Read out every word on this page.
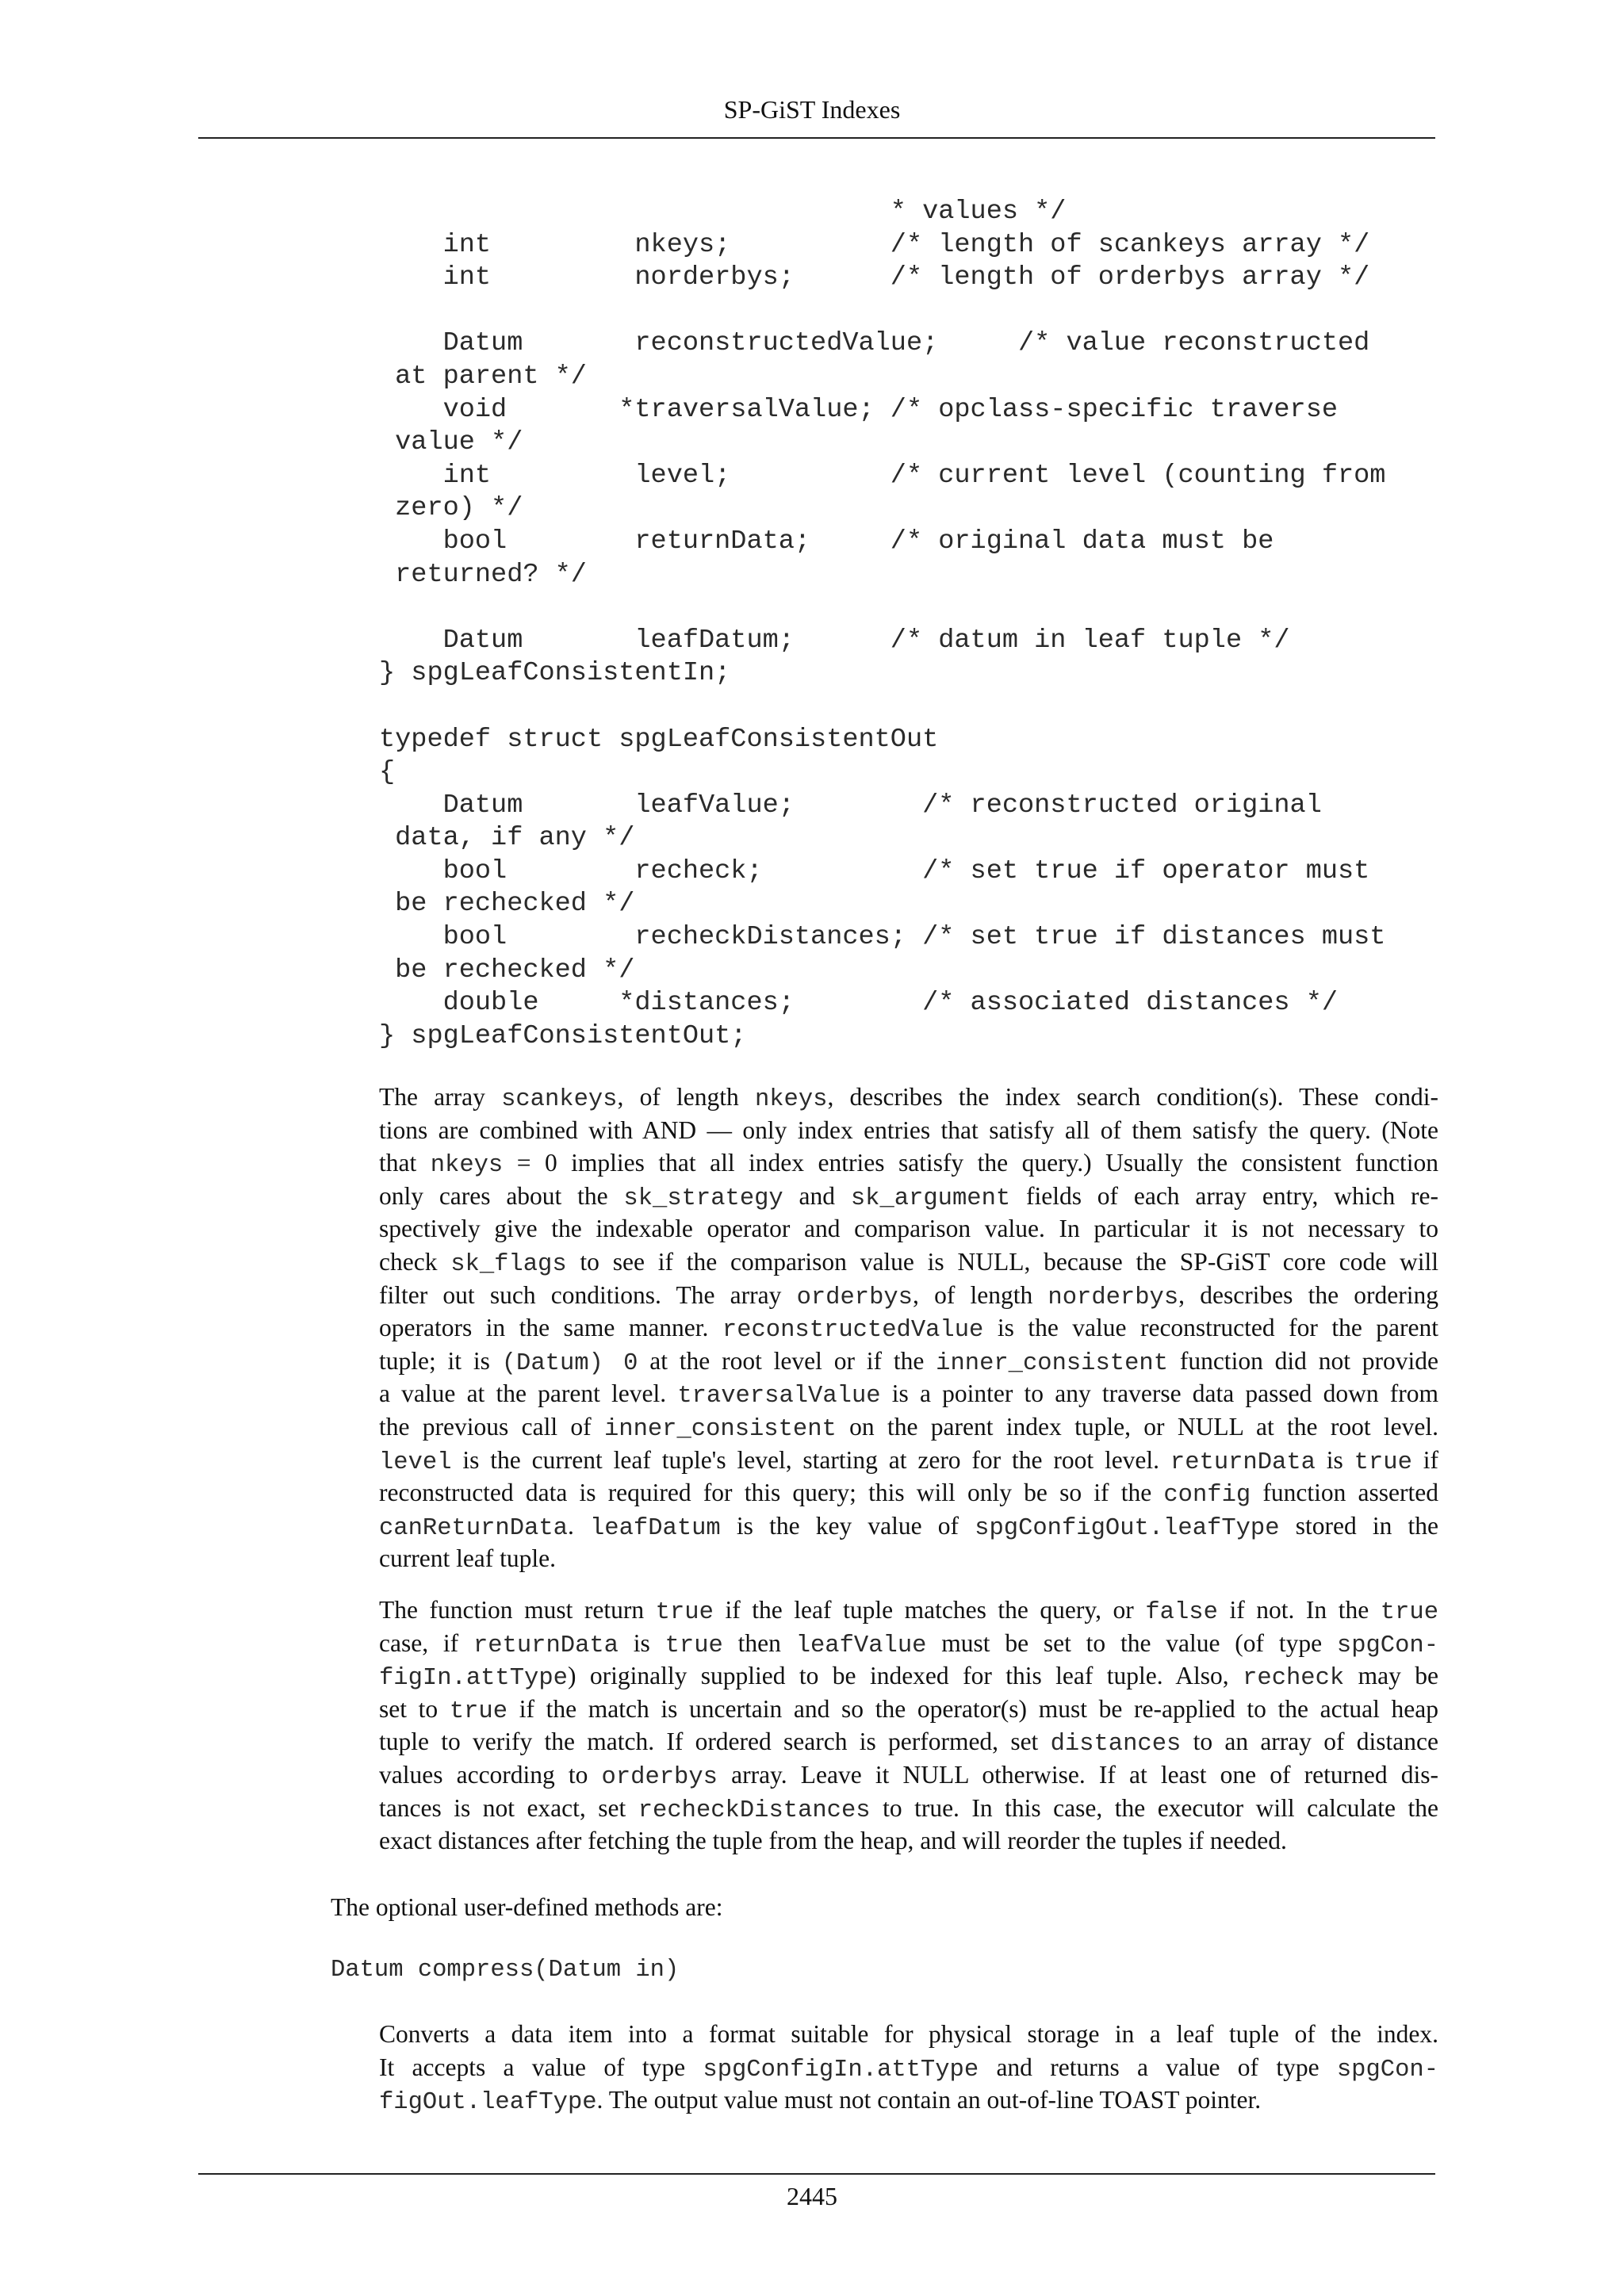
SP-GiST Indexes
* values */
int         nkeys;          /* length of scankeys array */
int         norderbys;      /* length of orderbys array */
Datum       reconstructedValue;     /* value reconstructed
at parent */
void       *traversalValue; /* opclass-specific traverse
value */
int         level;          /* current level (counting from
zero) */
bool        returnData;     /* original data must be
returned? */
Datum       leafDatum;      /* datum in leaf tuple */
} spgLeafConsistentIn;
typedef struct spgLeafConsistentOut
{
Datum       leafValue;        /* reconstructed original
data, if any */
bool        recheck;          /* set true if operator must
be rechecked */
bool        recheckDistances; /* set true if distances must
be rechecked */
double     *distances;        /* associated distances */
} spgLeafConsistentOut;
The array scankeys, of length nkeys, describes the index search condition(s). These condi-
tions are combined with AND — only index entries that satisfy all of them satisfy the query. (Note
that nkeys = 0 implies that all index entries satisfy the query.) Usually the consistent function
only cares about the sk_strategy and sk_argument fields of each array entry, which re-
spectively give the indexable operator and comparison value. In particular it is not necessary to
check sk_flags to see if the comparison value is NULL, because the SP-GiST core code will
filter out such conditions. The array orderbys, of length norderbys, describes the ordering
operators in the same manner. reconstructedValue is the value reconstructed for the parent
tuple; it is (Datum) 0 at the root level or if the inner_consistent function did not provide
a value at the parent level. traversalValue is a pointer to any traverse data passed down from
the previous call of inner_consistent on the parent index tuple, or NULL at the root level.
level is the current leaf tuple's level, starting at zero for the root level. returnData is true if
reconstructed data is required for this query; this will only be so if the config function asserted
canReturnData. leafDatum is the key value of spgConfigOut.leafType stored in the
current leaf tuple.
The function must return true if the leaf tuple matches the query, or false if not. In the true
case, if returnData is true then leafValue must be set to the value (of type spgCon-
figIn.attType) originally supplied to be indexed for this leaf tuple. Also, recheck may be
set to true if the match is uncertain and so the operator(s) must be re-applied to the actual heap
tuple to verify the match. If ordered search is performed, set distances to an array of distance
values according to orderbys array. Leave it NULL otherwise. If at least one of returned dis-
tances is not exact, set recheckDistances to true. In this case, the executor will calculate the
exact distances after fetching the tuple from the heap, and will reorder the tuples if needed.
The optional user-defined methods are:
Datum compress(Datum in)
Converts a data item into a format suitable for physical storage in a leaf tuple of the index.
It accepts a value of type spgConfigIn.attType and returns a value of type spgCon-
figOut.leafType. The output value must not contain an out-of-line TOAST pointer.
2445
